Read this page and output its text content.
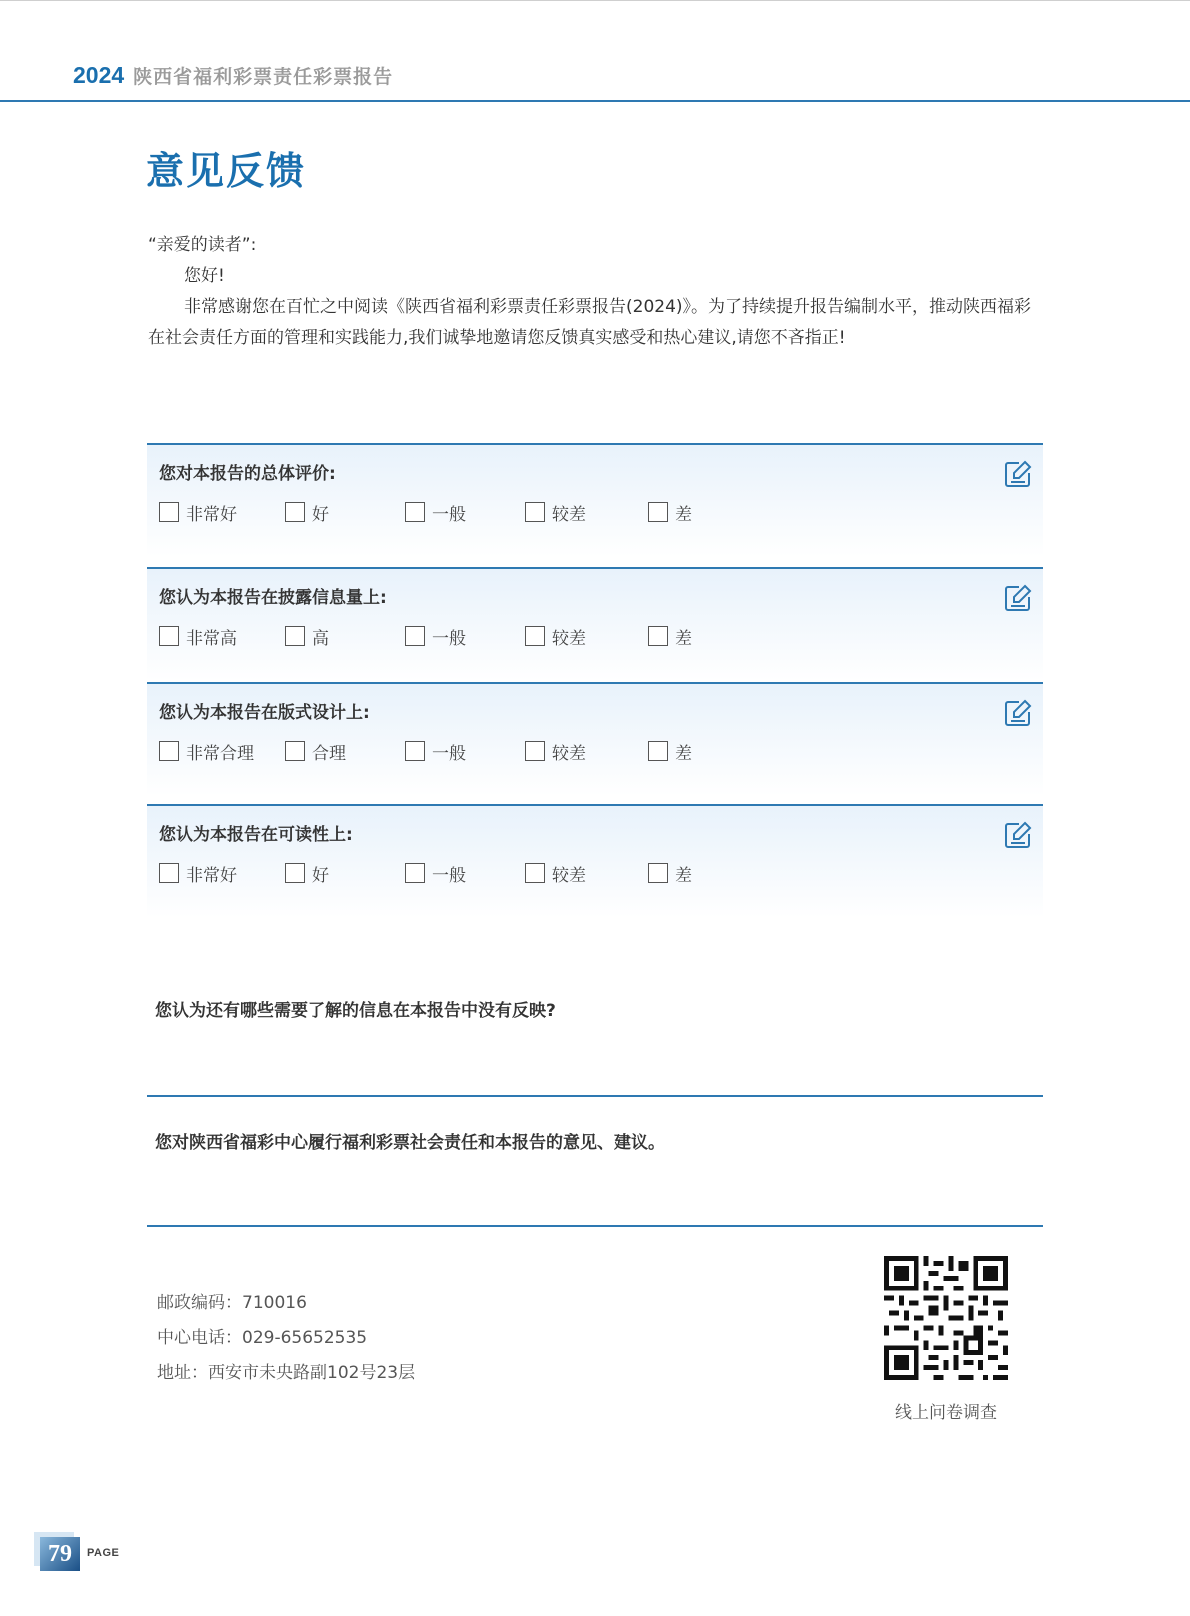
2024 陕西省福利彩票责任彩票报告
意见反馈

“亲爱的读者”:

您好!

非常感谢您在百忙之中阅读《陕西省福利彩票责任彩票报告(2024)》。为了持续提升报告编制水平，推动陕西福彩在社会责任方面的管理和实践能力,我们诚挚地邀请您反馈真实感受和热心建议,请您不吝指正!

您对本报告的总体评价:
非常好	好	一般	较差	差
您认为本报告在披露信息量上:
非常高	高	一般	较差	差
您认为本报告在版式设计上:
非常合理	合理	一般	较差	差
您认为本报告在可读性上:
非常好	好	一般	较差	差
您认为还有哪些需要了解的信息在本报告中没有反映?
您对陕西省福彩中心履行福利彩票社会责任和本报告的意见、建议。
邮政编码：710016
中心电话：029-65652535
地址：西安市未央路副102号23层
线上问卷调查
79	PAGE
